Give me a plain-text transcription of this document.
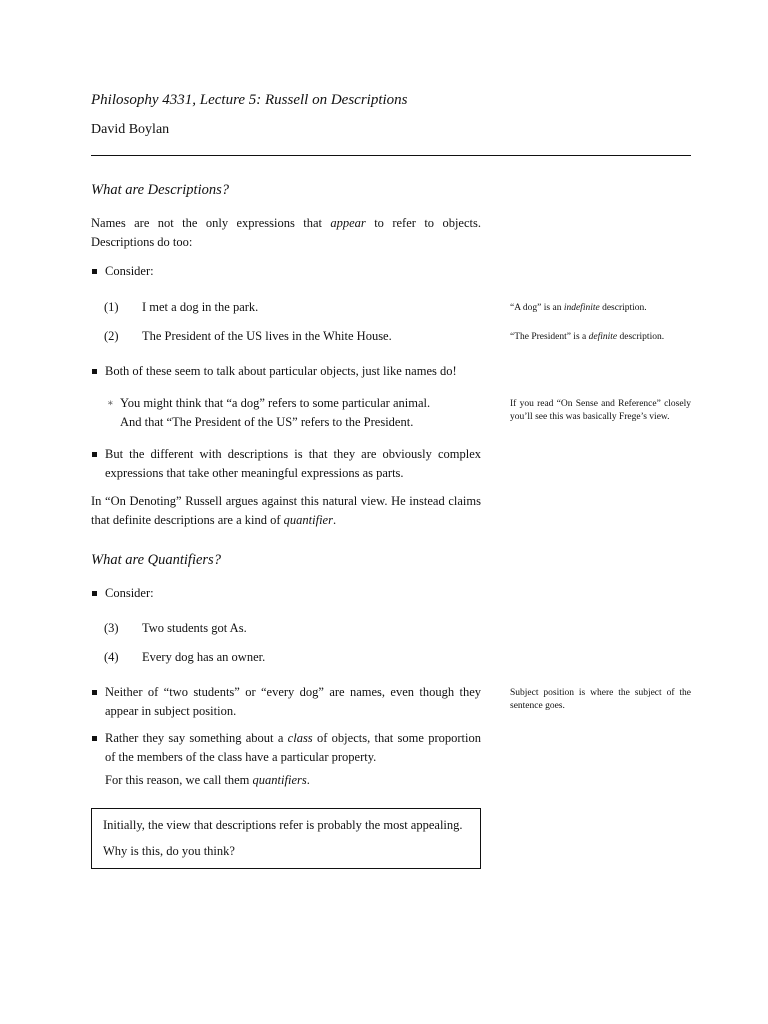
Philosophy 4331, Lecture 5: Russell on Descriptions
David Boylan
What are Descriptions?
Names are not the only expressions that appear to refer to objects. Descriptions do too:

Consider:

(1) I met a dog in the park.
(2) The President of the US lives in the White House.

Both of these seem to talk about particular objects, just like names do!

∗ You might think that “a dog” refers to some particular animal.

And that “The President of the US” refers to the President.

But the different with descriptions is that they are obviously complex expressions that take other meaningful expressions as parts.

In “On Denoting” Russell argues against this natural view. He instead claims that definite descriptions are a kind of quantifier.
What are Quantifiers?

Consider:

(3) Two students got As.
(4) Every dog has an owner.

Neither of “two students” or “every dog” are names, even though they appear in subject position.

Rather they say something about a class of objects, that some proportion of the members of the class have a particular property.

For this reason, we call them quantifiers.

Initially, the view that descriptions refer is probably the most appealing.

Why is this, do you think?

“A dog” is an indefinite description.
“The President” is a definite description.
If you read “On Sense and Reference” closely you’ll see this was basically Frege’s view.
Subject position is where the subject of the sentence goes.
